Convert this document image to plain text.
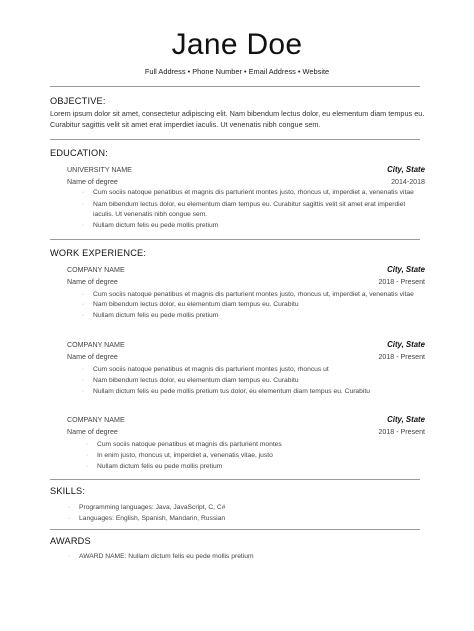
Jane Doe
Full Address • Phone Number • Email Address • Website
OBJECTIVE:
Lorem ipsum dolor sit amet, consectetur adipiscing elit. Nam bibendum lectus dolor, eu elementum diam tempus eu. Curabitur sagittis velit sit amet erat imperdiet iaculis. Ut venenatis nibh congue sem.
EDUCATION:
UNIVERSITY NAME	City, State
Name of degree	2014-2018
· Cum sociis natoque penatibus et magnis dis parturient montes justo, rhoncus ut, imperdiet a, venenatis vitae
· Nam bibendum lectus dolor, eu elementum diam tempus eu. Curabitur sagittis velit sit amet erat imperdiet iaculis. Ut venenatis nibh congue sem.
· Nullam dictum felis eu pede mollis pretium
WORK EXPERIENCE:
COMPANY NAME	City, State
Name of degree	2018 - Present
· Cum sociis natoque penatibus et magnis dis parturient montes justo, rhoncus ut, imperdiet a, venenatis vitae
· Nam bibendum lectus dolor, eu elementum diam tempus eu. Curabitu
· Nullam dictum felis eu pede mollis pretium
COMPANY NAME	City, State
Name of degree	2018 - Present
· Cum sociis natoque penatibus et magnis dis parturient montes justo, rhoncus ut
· Nam bibendum lectus dolor, eu elementum diam tempus eu. Curabitu
· Nullam dictum felis eu pede mollis pretium tus dolor, eu elementum diam tempus eu. Curabitu
COMPANY NAME	City, State
Name of degree	2018 - Present
· Cum sociis natoque penatibus et magnis dis parturient montes
· In enim justo, rhoncus ut, imperdiet a, venenatis vitae, justo
· Nullam dictum felis eu pede mollis pretium
SKILLS:
· Programming languages: Java, JavaScript, C, C#
· Languages: English, Spanish, Mandarin, Russian
AWARDS
· AWARD NAME: Nullam dictum felis eu pede mollis pretium
